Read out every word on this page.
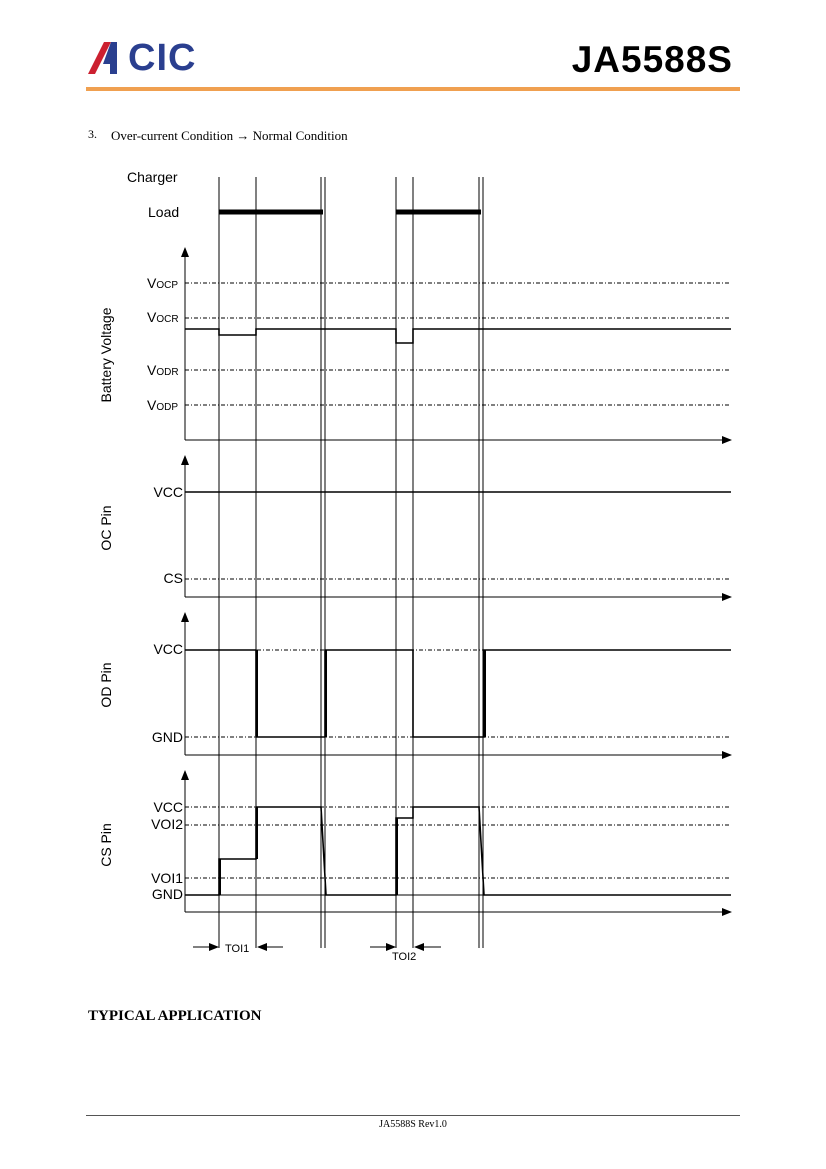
CIC	JA5588S
3. Over-current Condition → Normal Condition
Charger
Load
Battery Voltage
VOCP
VOCR
VODR
VODP
OC Pin
VCC
CS
OD Pin
VCC
GND
CS Pin
VCC
VOI2
VOI1
GND
TOI1
TOI2
TYPICAL APPLICATION
JA5588S Rev1.0
